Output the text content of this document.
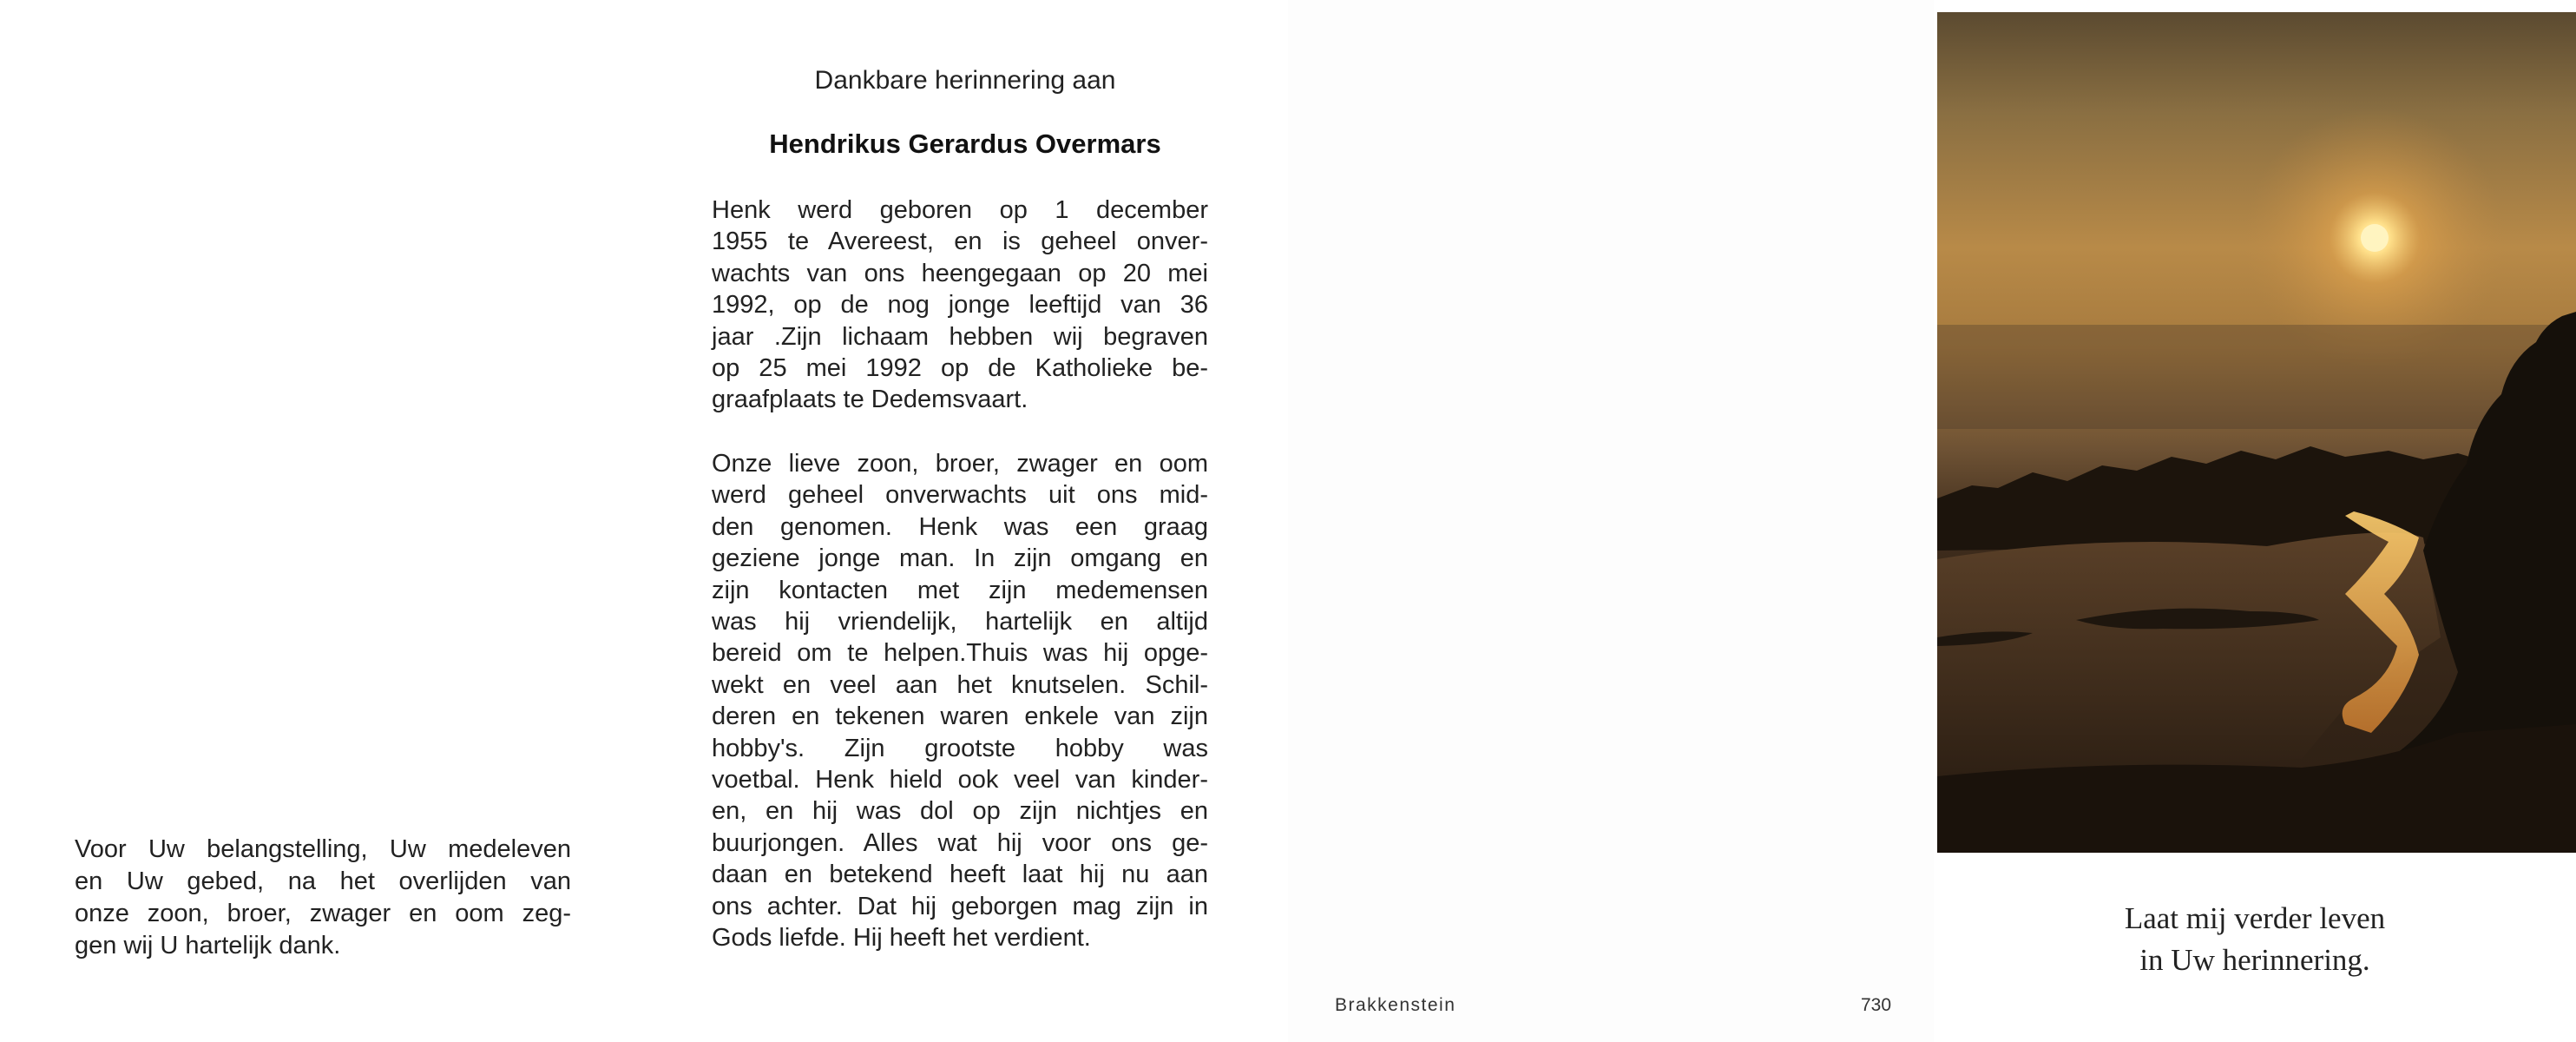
Voor Uw belangstelling, Uw medeleven
en Uw gebed, na het overlijden van
onze zoon, broer, zwager en oom zeg-
gen wij U hartelijk dank.
Dankbare herinnering aan
Hendrikus Gerardus Overmars
Henk werd geboren op 1 december
1955 te Avereest, en is geheel onver-
wachts van ons heengegaan op 20 mei
1992, op de nog jonge leeftijd van 36
jaar .Zijn lichaam hebben wij begraven
op 25 mei 1992 op de Katholieke be-
graafplaats te Dedemsvaart.
Onze lieve zoon, broer, zwager en oom
werd geheel onverwachts uit ons mid-
den genomen. Henk was een graag
geziene jonge man. In zijn omgang en
zijn kontacten met zijn medemensen
was hij vriendelijk, hartelijk en altijd
bereid om te helpen.Thuis was hij opge-
wekt en veel aan het knutselen. Schil-
deren en tekenen waren enkele van zijn
hobby's. Zijn grootste hobby was
voetbal. Henk hield ook veel van kinder-
en, en hij was dol op zijn nichtjes en
buurjongen. Alles wat hij voor ons ge-
daan en betekend heeft laat hij nu aan
ons achter. Dat hij geborgen mag zijn in
Gods liefde. Hij heeft het verdient.
Brakkenstein	730
Laat mij verder leven
in Uw herinnering.
